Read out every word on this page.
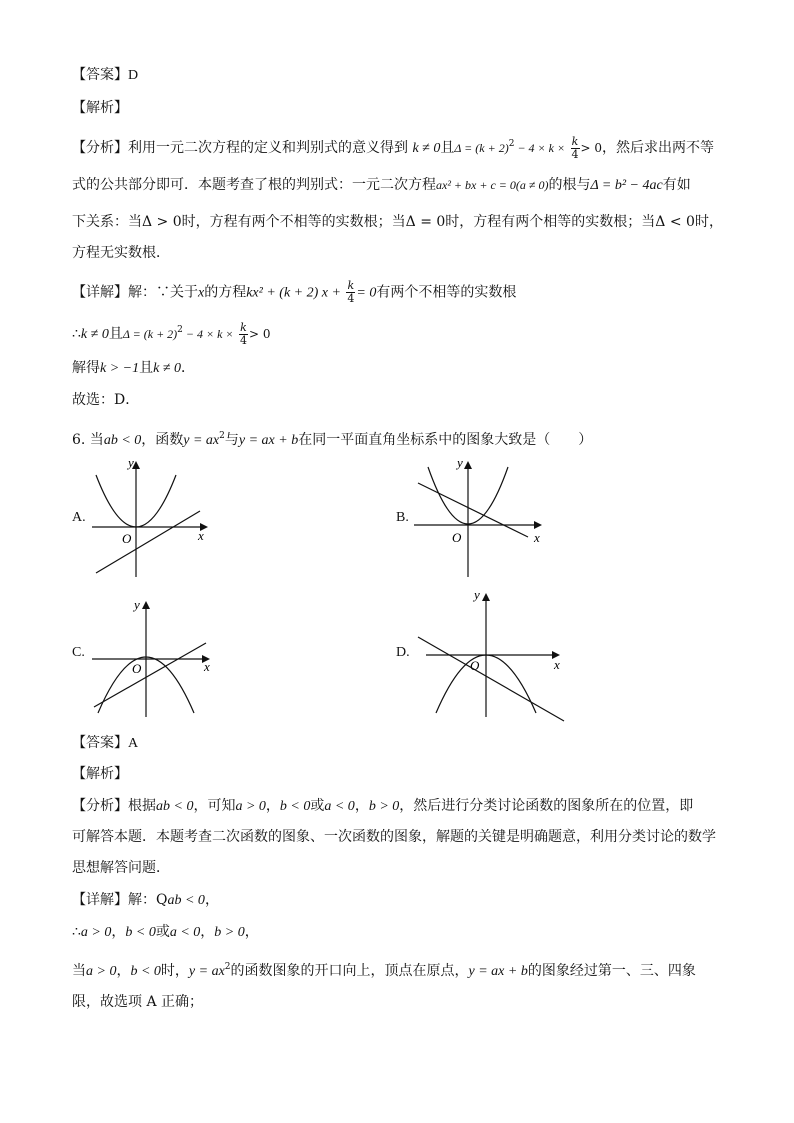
【答案】D
【解析】
【分析】利用一元二次方程的定义和判别式的意义得到 k ≠ 0且$\Delta = (k + 2)^2 - 4 \times k \times \frac{k}{4} > 0$，然后求出两不等
式的公共部分即可．本题考查了根的判别式：一元二次方程ax² + bx + c = 0(a ≠ 0)的根与Δ = b² − 4ac有如
下关系：当Δ > 0时，方程有两个不相等的实数根；当Δ = 0时，方程有两个相等的实数根；当Δ < 0时，
方程无实数根．
【详解】解：∵关于x的方程kx² + (k + 2) $x + \frac{k}{4} = 0$有两个不相等的实数根
∴k ≠ 0且$\Delta = (k + 2)^2 - 4 \times k \times \frac{k}{4} > 0$
解得k > −1且k ≠ 0．
故选：D．
6. 当ab < 0，函数$y = ax^2$与y = ax + b在同一平面直角坐标系中的图象大致是（　　）
A.
x
y
O
B.
x
y
O
C.
x
y
O
D.
x
y
O
【答案】A
【解析】
【分析】根据ab < 0，可知a > 0，b < 0或a < 0，b > 0，然后进行分类讨论函数的图象所在的位置，即
可解答本题．本题考查二次函数的图象、一次函数的图象，解题的关键是明确题意，利用分类讨论的数学
思想解答问题．
【详解】解：Qab < 0，
∴a > 0，b < 0或a < 0，b > 0，
当a > 0，b < 0时，$y = ax^2$的函数图象的开口向上，顶点在原点，y = ax + b的图象经过第一、三、四象
限，故选项 A 正确；
